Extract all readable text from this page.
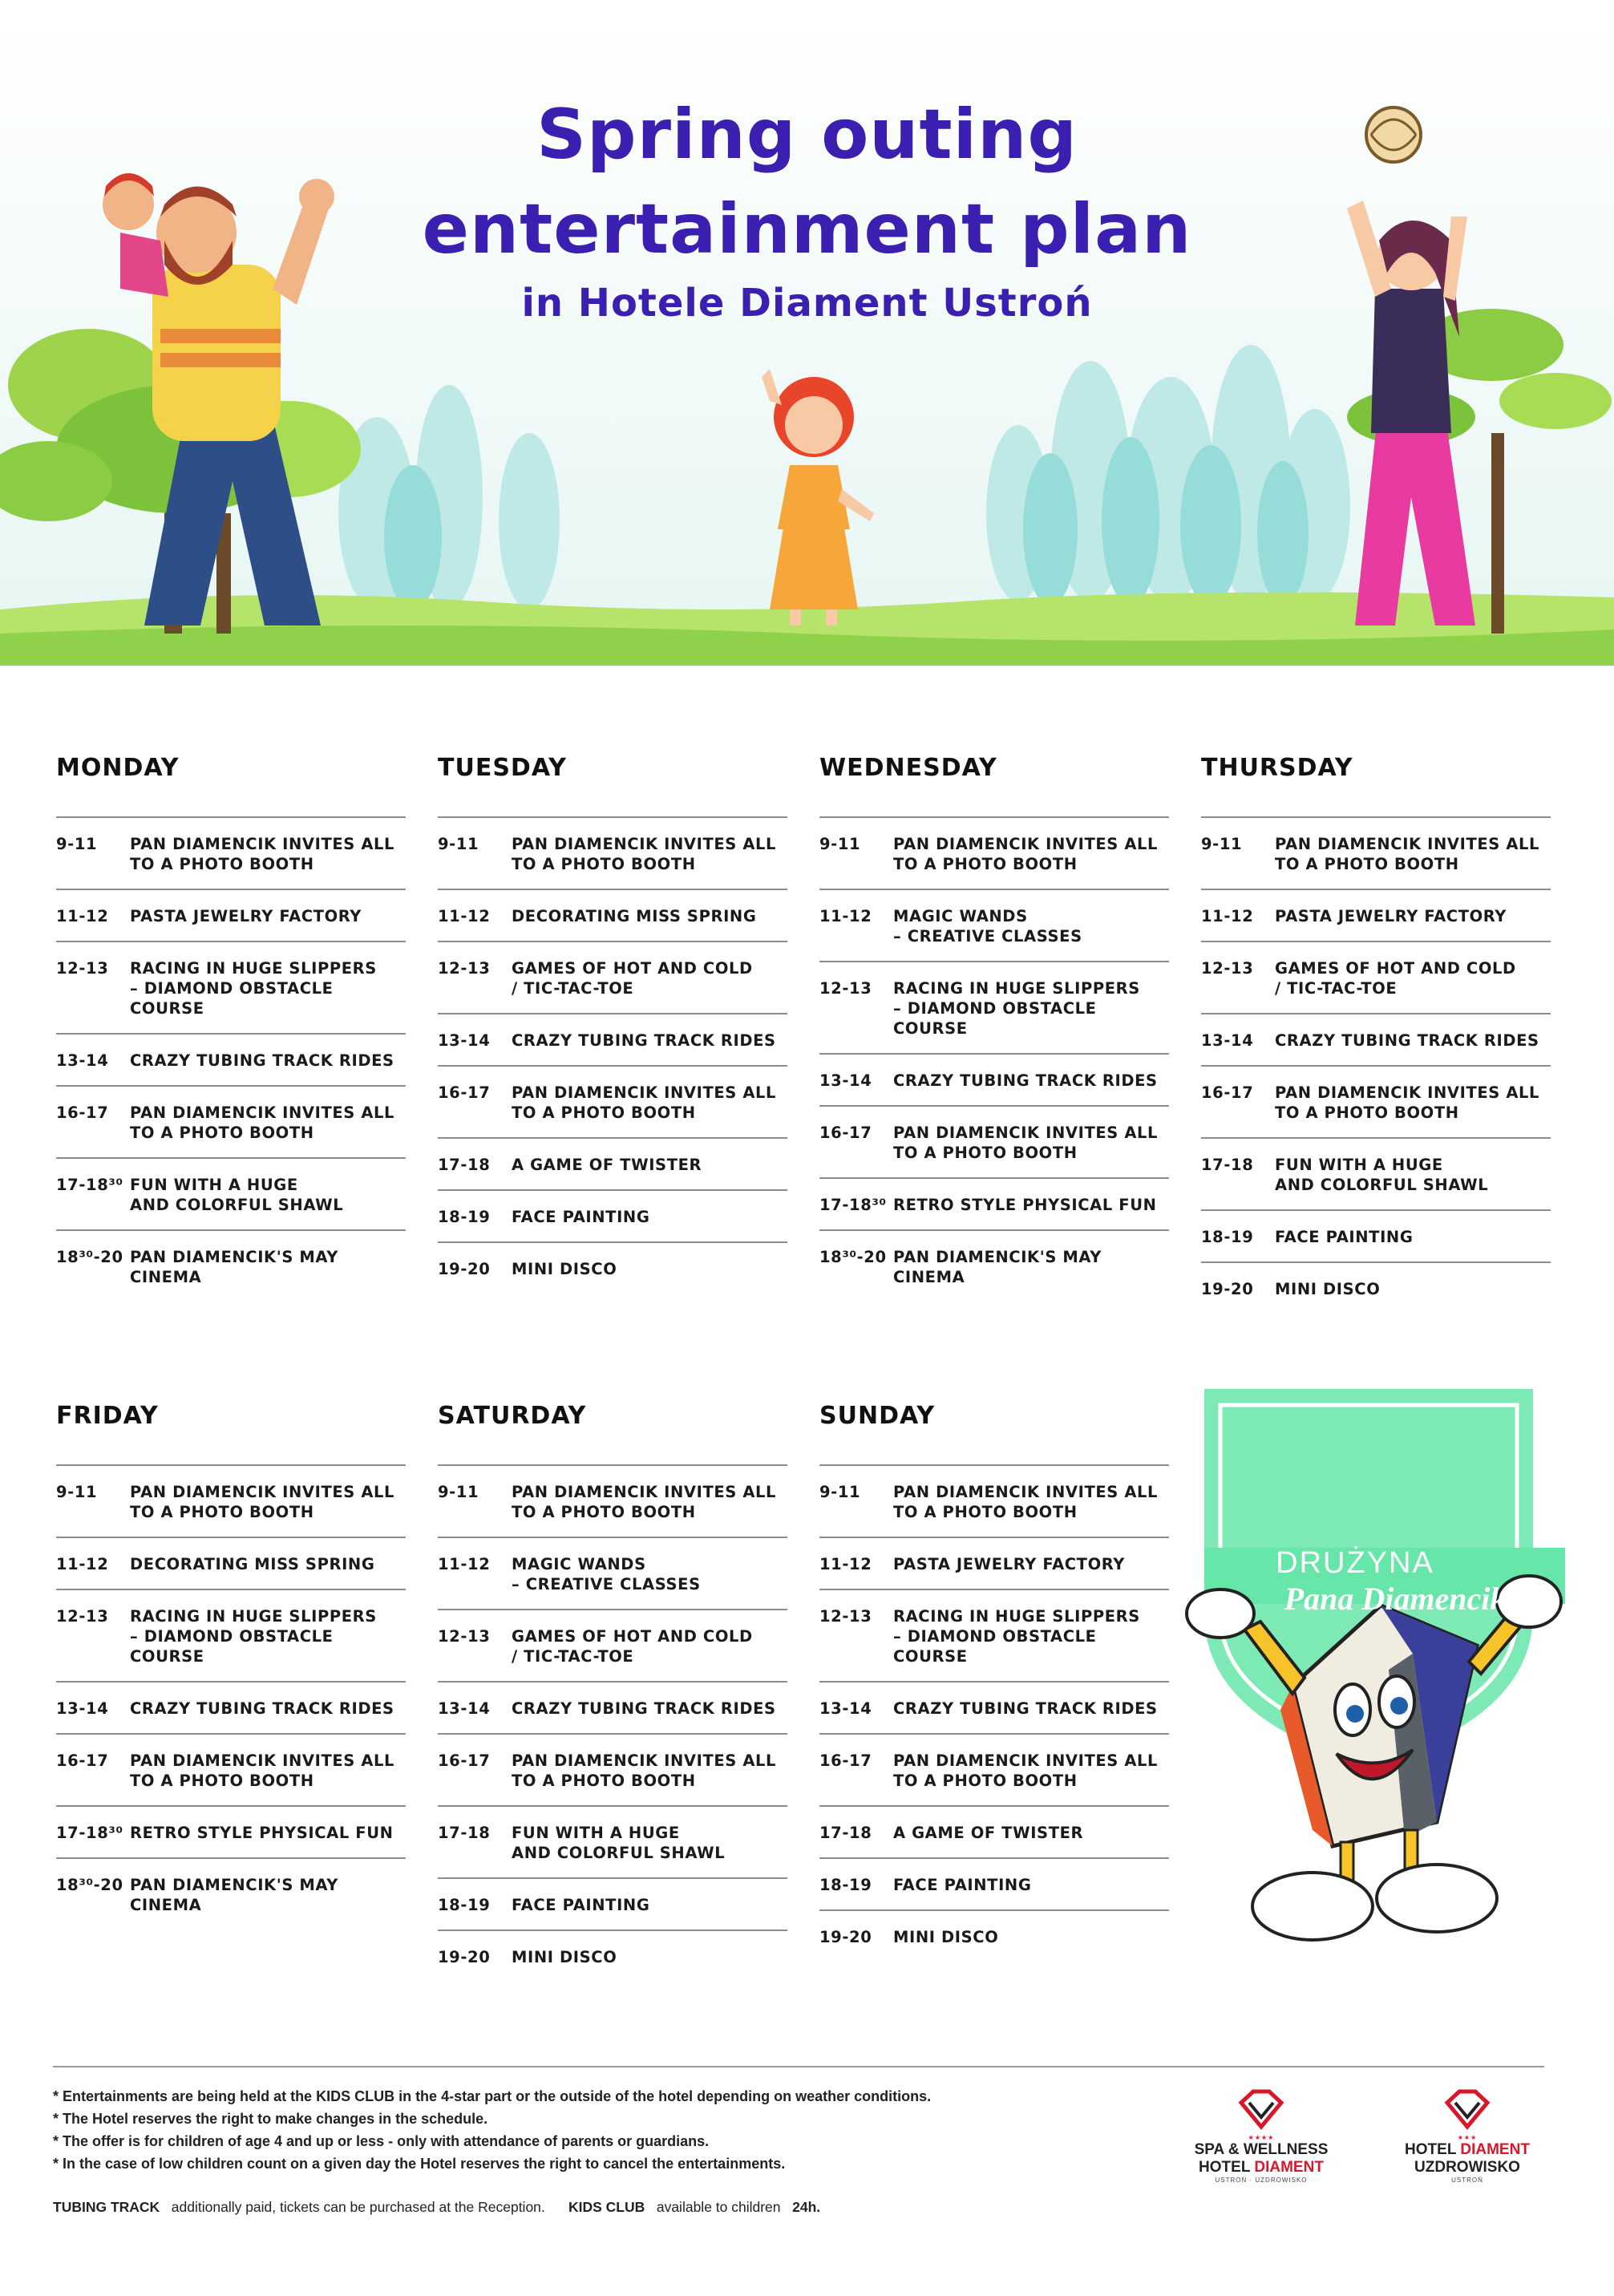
Spring outing
entertainment plan
in Hotele Diament Ustroń
MONDAY
9-11	PAN DIAMENCIK INVITES ALL
TO A PHOTO BOOTH
11-12	PASTA JEWELRY FACTORY
12-13	RACING IN HUGE SLIPPERS
– DIAMOND OBSTACLE COURSE
13-14	CRAZY TUBING TRACK RIDES
16-17	PAN DIAMENCIK INVITES ALL
TO A PHOTO BOOTH
17-18³⁰ FUN WITH A HUGE
AND COLORFUL SHAWL
18³⁰-20 PAN DIAMENCIK'S MAY CINEMA
TUESDAY
9-11	PAN DIAMENCIK INVITES ALL
TO A PHOTO BOOTH
11-12	DECORATING MISS SPRING
12-13	GAMES OF HOT AND COLD
/ TIC-TAC-TOE
13-14	CRAZY TUBING TRACK RIDES
16-17	PAN DIAMENCIK INVITES ALL
TO A PHOTO BOOTH
17-18	A GAME OF TWISTER
18-19	FACE PAINTING
19-20	MINI DISCO
WEDNESDAY
9-11	PAN DIAMENCIK INVITES ALL
TO A PHOTO BOOTH
11-12	MAGIC WANDS
– CREATIVE CLASSES
12-13	RACING IN HUGE SLIPPERS
– DIAMOND OBSTACLE COURSE
13-14	CRAZY TUBING TRACK RIDES
16-17	PAN DIAMENCIK INVITES ALL
TO A PHOTO BOOTH
17-18³⁰ RETRO STYLE PHYSICAL FUN
18³⁰-20 PAN DIAMENCIK'S MAY CINEMA
THURSDAY
9-11	PAN DIAMENCIK INVITES ALL
TO A PHOTO BOOTH
11-12	PASTA JEWELRY FACTORY
12-13	GAMES OF HOT AND COLD
/ TIC-TAC-TOE
13-14	CRAZY TUBING TRACK RIDES
16-17	PAN DIAMENCIK INVITES ALL
TO A PHOTO BOOTH
17-18	FUN WITH A HUGE
AND COLORFUL SHAWL
18-19	FACE PAINTING
19-20	MINI DISCO
FRIDAY
9-11	PAN DIAMENCIK INVITES ALL
TO A PHOTO BOOTH
11-12	DECORATING MISS SPRING
12-13	RACING IN HUGE SLIPPERS
– DIAMOND OBSTACLE COURSE
13-14	CRAZY TUBING TRACK RIDES
16-17	PAN DIAMENCIK INVITES ALL
TO A PHOTO BOOTH
17-18³⁰ RETRO STYLE PHYSICAL FUN
18³⁰-20 PAN DIAMENCIK'S MAY CINEMA
SATURDAY
9-11	PAN DIAMENCIK INVITES ALL
TO A PHOTO BOOTH
11-12	MAGIC WANDS
– CREATIVE CLASSES
12-13	GAMES OF HOT AND COLD
/ TIC-TAC-TOE
13-14	CRAZY TUBING TRACK RIDES
16-17	PAN DIAMENCIK INVITES ALL
TO A PHOTO BOOTH
17-18	FUN WITH A HUGE
AND COLORFUL SHAWL
18-19	FACE PAINTING
19-20	MINI DISCO
SUNDAY
9-11	PAN DIAMENCIK INVITES ALL
TO A PHOTO BOOTH
11-12	PASTA JEWELRY FACTORY
12-13	RACING IN HUGE SLIPPERS
– DIAMOND OBSTACLE COURSE
13-14	CRAZY TUBING TRACK RIDES
16-17	PAN DIAMENCIK INVITES ALL
TO A PHOTO BOOTH
17-18	A GAME OF TWISTER
18-19	FACE PAINTING
19-20	MINI DISCO
DRUŻYNA
Pana Diamencika
* Entertainments are being held at the KIDS CLUB in the 4-star part or the outside of the hotel depending on weather conditions.
* The Hotel reserves the right to make changes in the schedule.
* The offer is for children of age 4 and up or less - only with attendance of parents or guardians.
* In the case of low children count on a given day the Hotel reserves the right to cancel the entertainments.
TUBING TRACK additionally paid, tickets can be purchased at the Reception. KIDS CLUB available to children 24h.
★★★★
SPA & WELLNESS
HOTEL DIAMENT
USTROŃ · UZDROWISKO
★★★
HOTEL DIAMENT
UZDROWISKO
USTROŃ
